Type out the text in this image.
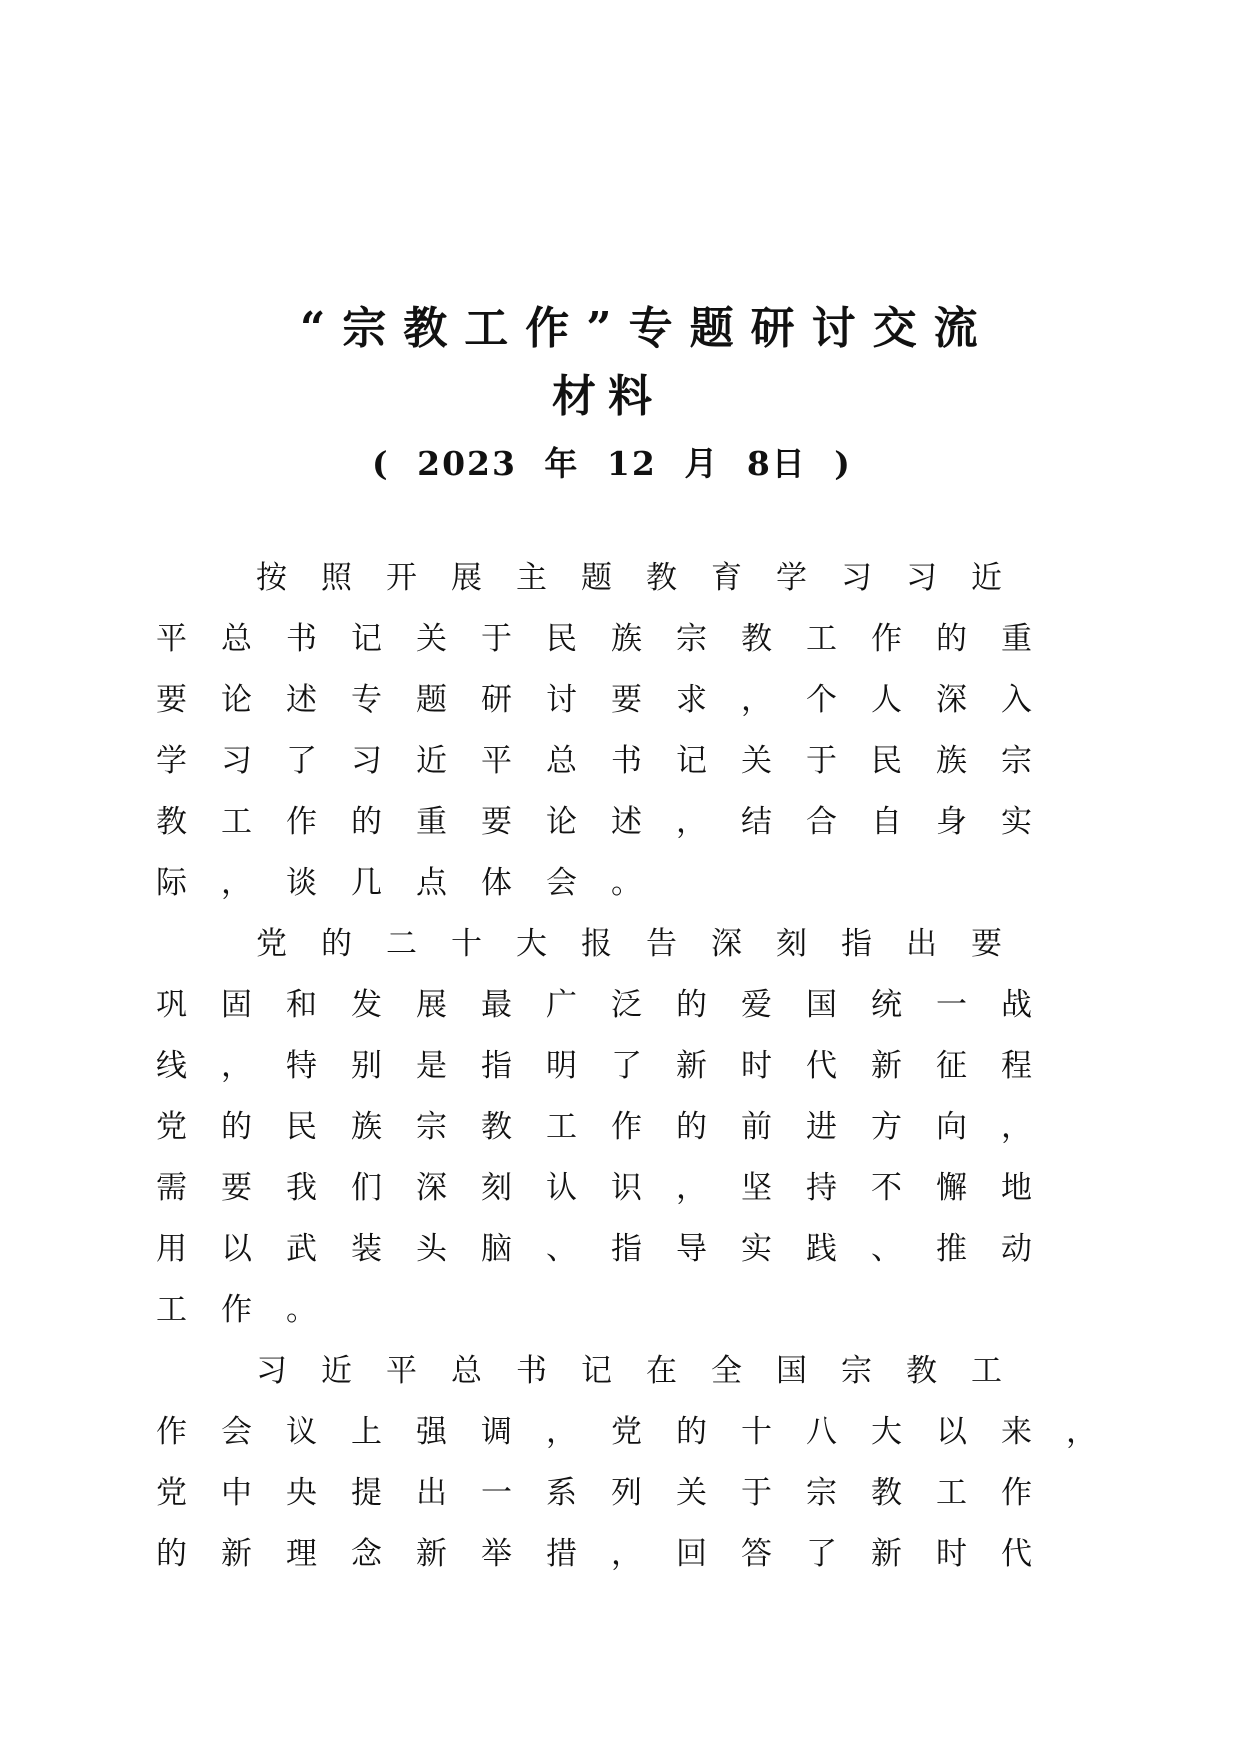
“宗教工作”专题研讨交流
材料
( 2023 年 12 月 8日 )
按照开展主题教育学习习近
平总书记关于民族宗教工作的重
要论述专题研讨要求，个人深入
学习了习近平总书记关于民族宗
教工作的重要论述，结合自身实
际，谈几点体会。
党的二十大报告深刻指出要
巩固和发展最广泛的爱国统一战
线，特别是指明了新时代新征程
党的民族宗教工作的前进方向，
需要我们深刻认识，坚持不懈地
用以武装头脑、指导实践、推动
工作。
习近平总书记在全国宗教工
作会议上强调，党的十八大以来，
党中央提出一系列关于宗教工作
的新理念新举措，回答了新时代
